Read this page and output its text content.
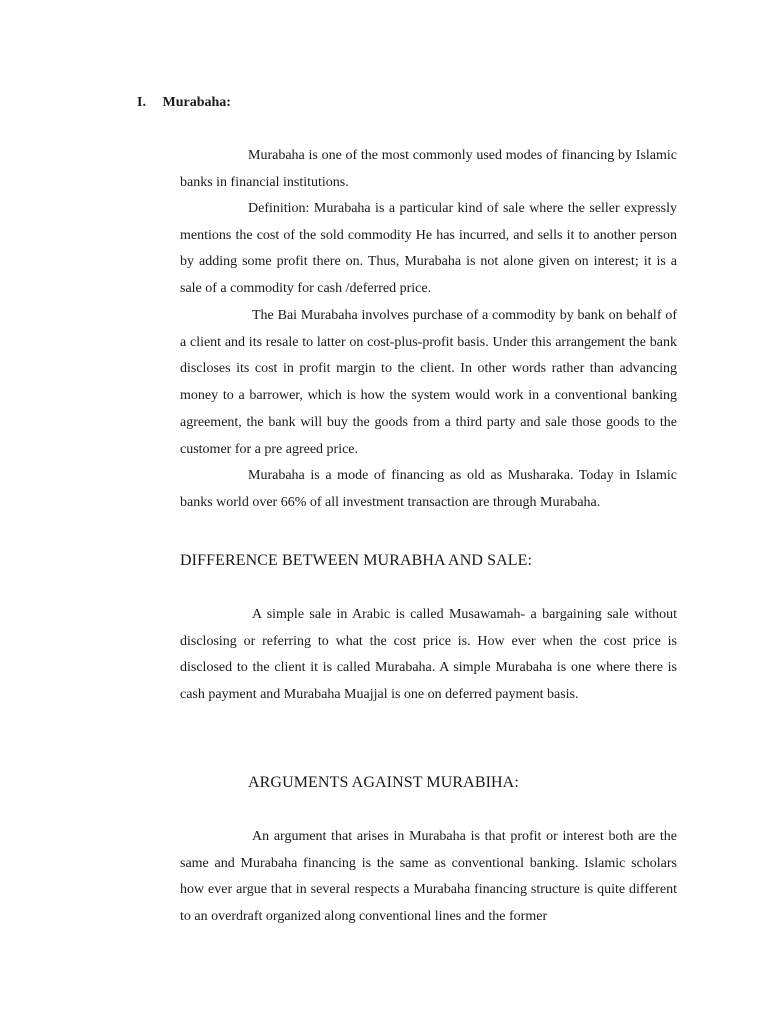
I. Murabaha:

Murabaha is one of the most commonly used modes of financing by Islamic banks in financial institutions.

Definition: Murabaha is a particular kind of sale where the seller expressly mentions the cost of the sold commodity He has incurred, and sells it to another person by adding some profit there on. Thus, Murabaha is not alone given on interest; it is a sale of a commodity for cash /deferred price.

The Bai Murabaha involves purchase of a commodity by bank on behalf of a client and its resale to latter on cost-plus-profit basis. Under this arrangement the bank discloses its cost in profit margin to the client. In other words rather than advancing money to a barrower, which is how the system would work in a conventional banking agreement, the bank will buy the goods from a third party and sale those goods to the customer for a pre agreed price.

Murabaha is a mode of financing as old as Musharaka. Today in Islamic banks world over 66% of all investment transaction are through Murabaha.

DIFFERENCE BETWEEN MURABHA AND SALE:

A simple sale in Arabic is called Musawamah- a bargaining sale without disclosing or referring to what the cost price is. How ever when the cost price is disclosed to the client it is called Murabaha. A simple Murabaha is one where there is cash payment and Murabaha Muajjal is one on deferred payment basis.

ARGUMENTS AGAINST MURABIHA:

An argument that arises in Murabaha is that profit or interest both are the same and Murabaha financing is the same as conventional banking. Islamic scholars how ever argue that in several respects a Murabaha financing structure is quite different to an overdraft organized along conventional lines and the former
